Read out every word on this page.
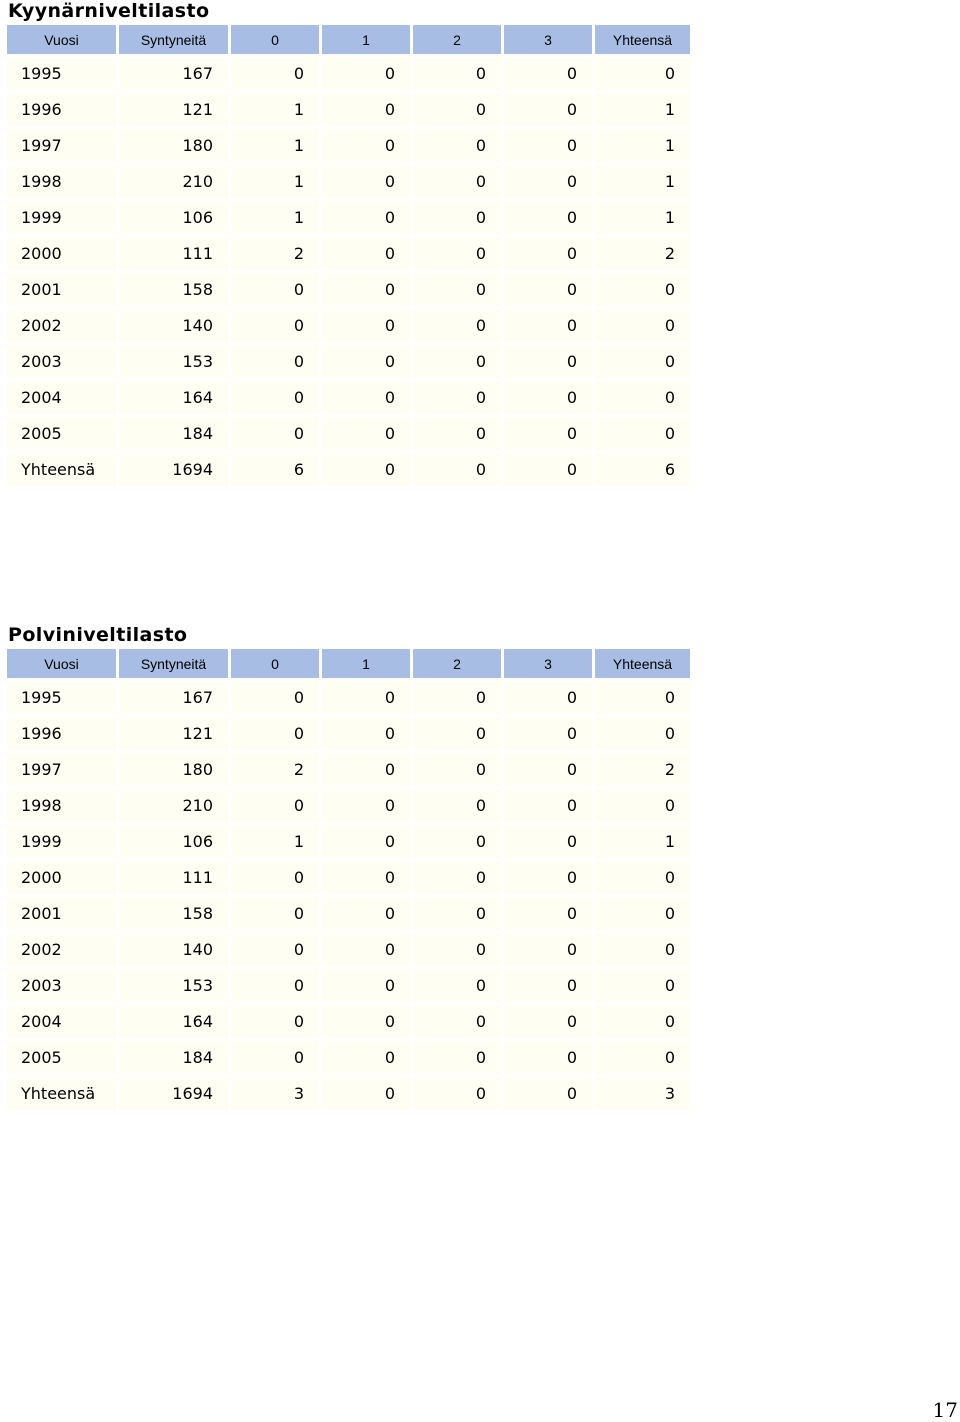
Kyynärniveltilasto
Vuosi	Syntyneitä	0	1	2	3	Yhteensä
1995	167	0	0	0	0	0
1996	121	1	0	0	0	1
1997	180	1	0	0	0	1
1998	210	1	0	0	0	1
1999	106	1	0	0	0	1
2000	111	2	0	0	0	2
2001	158	0	0	0	0	0
2002	140	0	0	0	0	0
2003	153	0	0	0	0	0
2004	164	0	0	0	0	0
2005	184	0	0	0	0	0
Yhteensä	1694	6	0	0	0	6
Polviniveltilasto
Vuosi	Syntyneitä	0	1	2	3	Yhteensä
1995	167	0	0	0	0	0
1996	121	0	0	0	0	0
1997	180	2	0	0	0	2
1998	210	0	0	0	0	0
1999	106	1	0	0	0	1
2000	111	0	0	0	0	0
2001	158	0	0	0	0	0
2002	140	0	0	0	0	0
2003	153	0	0	0	0	0
2004	164	0	0	0	0	0
2005	184	0	0	0	0	0
Yhteensä	1694	3	0	0	0	3
17
